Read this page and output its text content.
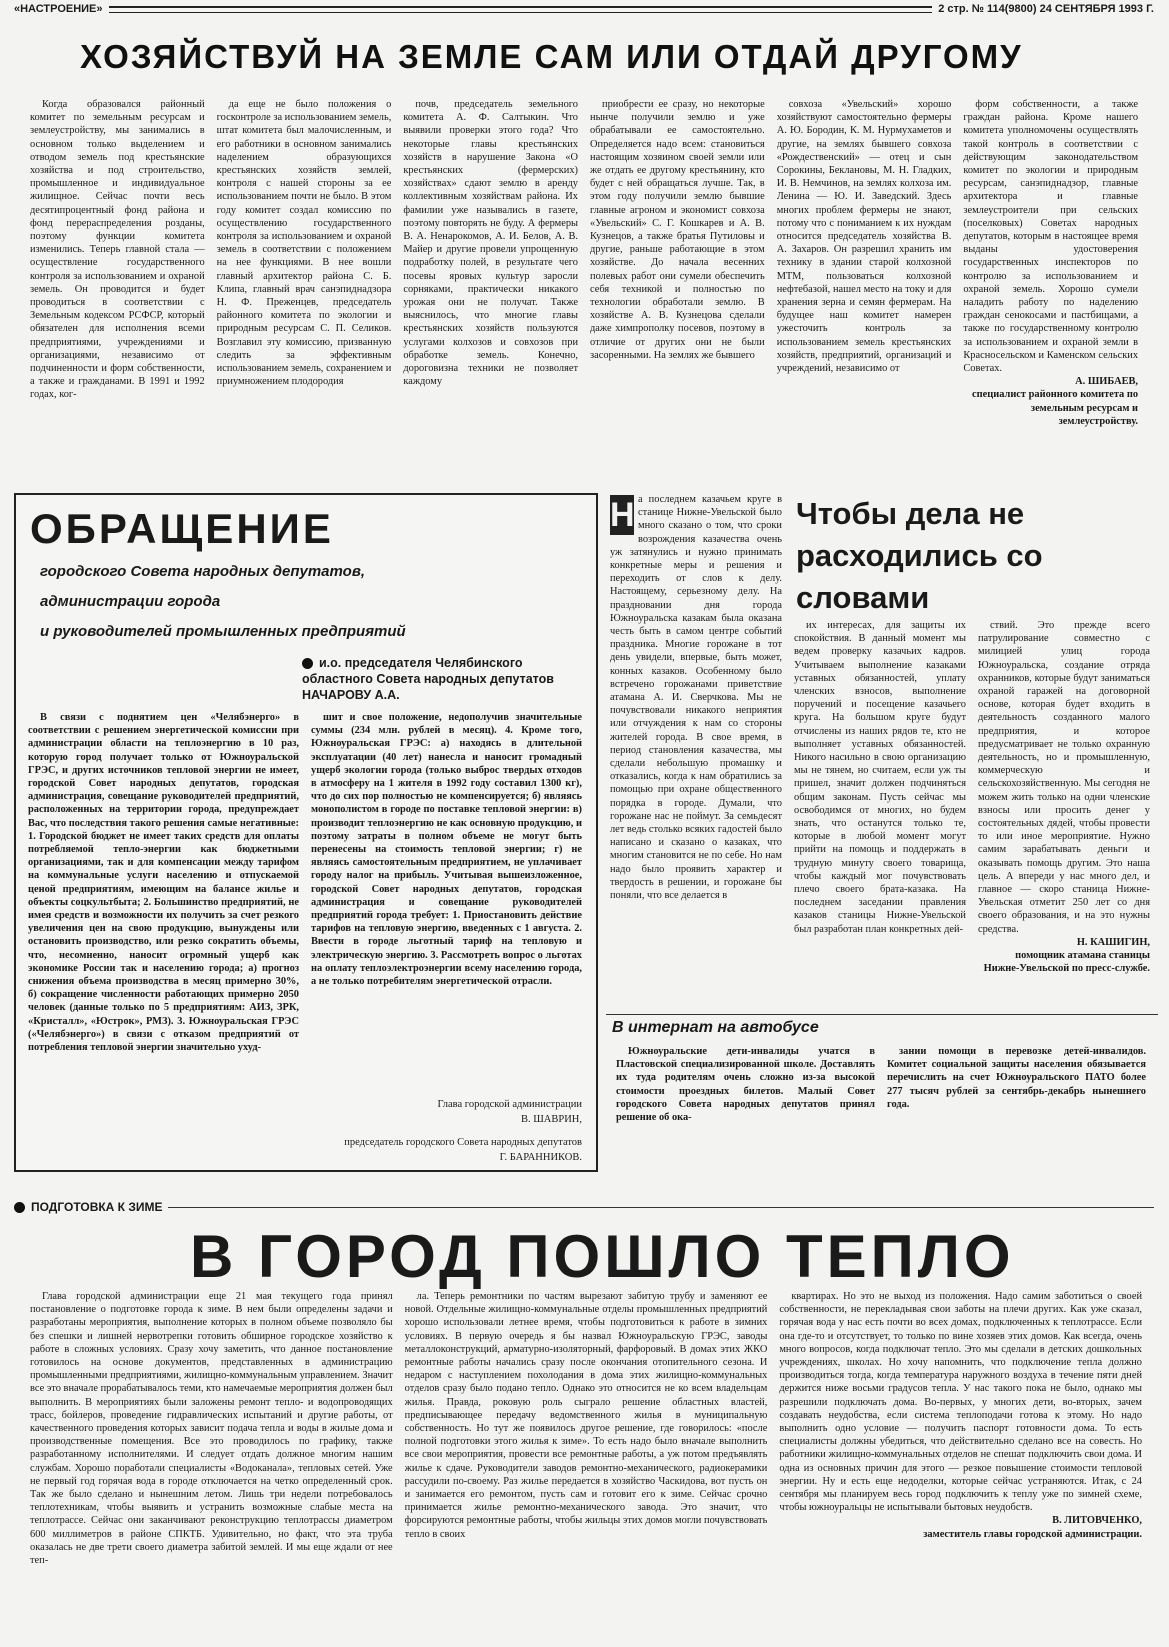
«НАСТРОЕНИЕ»	2 стр. № 114(9800) 24 СЕНТЯБРЯ 1993 Г.
ХОЗЯЙСТВУЙ НА ЗЕМЛЕ САМ ИЛИ ОТДАЙ ДРУГОМУ

Когда образовался районный комитет по земельным ресурсам и землеустройству, мы занимались в основном только выделением и отводом земель под крестьянские хозяйства и под строительство, промышленное и индивидуальное жилищное. Сейчас почти весь десятипроцентный фонд района и фонд перераспределения розданы, поэтому функции комитета изменились. Теперь главной стала — осуществление государственного контроля за использованием и охраной земель. Он проводится и будет проводиться в соответствии с Земельным кодексом РСФСР, который обязателен для исполнения всеми предприятиями, учреждениями и организациями, независимо от подчиненности и форм собственности, а также и гражданами. В 1991 и 1992 годах, ког-

да еще не было положения о госконтроле за использованием земель, штат комитета был малочисленным, и его работники в основном занимались наделением образующихся крестьянских хозяйств землей, контроля с нашей стороны за ее использованием почти не было. В этом году комитет создал комиссию по осуществлению государственного контроля за использованием и охраной земель в соответствии с положением на нее функциями. В нее вошли главный архитектор района С. Б. Клипа, главный врач санэпиднадзора Н. Ф. Преженцев, председатель районного комитета по экологии и природным ресурсам С. П. Селиков. Возглавил эту комиссию, призванную следить за эффективным использованием земель, сохранением и приумножением плодородия

почв, председатель земельного комитета А. Ф. Салтыкин. Что выявили проверки этого года? Что некоторые главы крестьянских хозяйств в нарушение Закона «О крестьянских (фермерских) хозяйствах» сдают землю в аренду коллективным хозяйствам района. Их фамилии уже назывались в газете, поэтому повторять не буду. А фермеры В. А. Ненарокомов, А. И. Белов, А. В. Майер и другие провели упрощенную подработку полей, в результате чего посевы яровых культур заросли сорняками, практически никакого урожая они не получат. Также выяснилось, что многие главы крестьянских хозяйств пользуются услугами колхозов и совхозов при обработке земель. Конечно, дороговизна техники не позволяет каждому

приобрести ее сразу, но некоторые нынче получили землю и уже обрабатывали ее самостоятельно. Определяется надо всем: становиться настоящим хозяином своей земли или же отдать ее другому крестьянину, кто будет с ней обращаться лучше. Так, в этом году получили землю бывшие главные агроном и экономист совхоза «Увельский» С. Г. Кошкарев и А. В. Кузнецов, а также братья Путиловы и другие, раньше работающие в этом хозяйстве. До начала весенних полевых работ они сумели обеспечить себя техникой и полностью по технологии обработали землю. В хозяйстве А. В. Кузнецова сделали даже химпрополку посевов, поэтому в отличие от других они не были засоренными. На землях же бывшего

совхоза «Увельский» хорошо хозяйствуют самостоятельно фермеры А. Ю. Бородин, К. М. Нурмухаметов и другие, на землях бывшего совхоза «Рождественский» — отец и сын Сорокины, Беклановы, М. Н. Гладких, И. В. Немчинов, на землях колхоза им. Ленина — Ю. И. Заведский. Здесь многих проблем фермеры не знают, потому что с пониманием к их нуждам относится председатель хозяйства В. А. Захаров. Он разрешил хранить им технику в здании старой колхозной МТМ, пользоваться колхозной нефтебазой, нашел место на току и для хранения зерна и семян фермерам. На будущее наш комитет намерен ужесточить контроль за использованием земель крестьянских хозяйств, предприятий, организаций и учреждений, независимо от

форм собственности, а также граждан района. Кроме нашего комитета уполномочены осуществлять такой контроль в соответствии с действующим законодательством комитет по экологии и природным ресурсам, санэпиднадзор, главные архитектора и главные землеустроители при сельских (поселковых) Советах народных депутатов, которым в настоящее время выданы удостоверения государственных инспекторов по контролю за использованием и охраной земель. Хорошо сумели наладить работу по наделению граждан сенокосами и пастбищами, а также по государственному контролю за использованием и охраной земли в Красносельском и Каменском сельских Советах.

А. ШИБАЕВ,

специалист районного комитета по земельным ресурсам и землеустройству.

ОБРАЩЕНИЕ
городского Совета народных депутатов,
администрации города
и руководителей промышленных предприятий
и.о. председателя Челябинского областного Совета народных депутатов НАЧАРОВУ А.А.

В связи с поднятием цен «Челябэнерго» в соответствии с решением энергетической комиссии при администрации области на теплоэнергию в 10 раз, которую город получает только от Южноуральской ГРЭС, и других источников тепловой энергии не имеет, городской Совет народных депутатов, городская администрация, совещание руководителей предприятий, расположенных на территории города, предупреждает Вас, что последствия такого решения самые негативные: 1. Городской бюджет не имеет таких средств для оплаты потребляемой тепло-энергии как бюджетными организациями, так и для компенсации между тарифом на коммунальные услуги населению и отпускаемой ценой предприятиям, имеющим на балансе жилье и объекты соцкультбыта; 2. Большинство предприятий, не имея средств и возможности их получить за счет резкого увеличения цен на свою продукцию, вынуждены или остановить производство, или резко сократить объемы, что, несомненно, наносит огромный ущерб как экономике России так и населению города; а) прогноз снижения объема производства в месяц примерно 30%, б) сокращение численности работающих примерно 2050 человек (данные только по 5 предприятиям: АИЗ, ЗРК, «Кристалл», «Юстрок», РМЗ). 3. Южноуральская ГРЭС («Челябэнерго») в связи с отказом предприятий от потребления тепловой энергии значительно ухуд-

шит и свое положение, недополучив значительные суммы (234 млн. рублей в месяц). 4. Кроме того, Южноуральская ГРЭС: а) находясь в длительной эксплуатации (40 лет) нанесла и наносит громадный ущерб экологии города (только выброс твердых отходов в атмосферу на 1 жителя в 1992 году составил 1300 кг), что до сих пор полностью не компенсируется; б) являясь монополистом в городе по поставке тепловой энергии: в) производит теплоэнергию не как основную продукцию, и поэтому затраты в полном объеме не могут быть перенесены на стоимость тепловой энергии; г) не являясь самостоятельным предприятием, не уплачивает городу налог на прибыль. Учитывая вышеизложенное, городской Совет народных депутатов, городская администрация и совещание руководителей предприятий города требует: 1. Приостановить действие тарифов на тепловую энергию, введенных с 1 августа. 2. Ввести в городе льготный тариф на тепловую и электрическую энергию. 3. Рассмотреть вопрос о льготах на оплату теплоэлектроэнергии всему населению города, а не только потребителям энергетической отрасли.

Глава городской администрации
В. ШАВРИН,
председатель городского Совета народных депутатов
Г. БАРАННИКОВ.
Чтобы дела не расходились со словами
Н а последнем казачьем круге в станице Нижне-Увельской было много сказано о том, что сроки возрождения казачества очень уж затянулись и нужно принимать конкретные меры и решения и переходить от слов к делу. Настоящему, серьезному делу. На праздновании дня города Южноуральска казакам была оказана честь быть в самом центре событий праздника. Многие горожане в тот день увидели, впервые, быть может, конных казаков. Особенному было встречено горожанами приветствие атамана А. И. Сверчкова. Мы не почувствовали никакого неприятия или отчуждения к нам со стороны жителей города. В свое время, в период становления казачества, мы сделали небольшую промашку и отказались, когда к нам обратились за помощью при охране общественного порядка в городе. Думали, что горожане нас не поймут. За семьдесят лет ведь столько всяких гадостей было написано и сказано о казаках, что многим становится не по себе. Но нам надо было проявить характер и твердость в решении, и горожане бы поняли, что все делается в

их интересах, для защиты их спокойствия. В данный момент мы ведем проверку казачьих кадров. Учитываем выполнение казаками уставных обязанностей, уплату членских взносов, выполнение поручений и посещение казачьего круга. На большом круге будут отчислены из наших рядов те, кто не выполняет уставных обязанностей. Никого насильно в свою организацию мы не тянем, но считаем, если уж ты пришел, значит должен подчиняться общим законам. Пусть сейчас мы освободимся от многих, но будем знать, что останутся только те, которые в любой момент могут прийти на помощь и поддержать в трудную минуту своего товарища, чтобы каждый мог почувствовать плечо своего брата-казака. На последнем заседании правления казаков станицы Нижне-Увельской был разработан план конкретных дей-

ствий. Это прежде всего патрулирование совместно с милицией улиц города Южноуральска, создание отряда охранников, которые будут заниматься охраной гаражей на договорной основе, которая будет входить в деятельность созданного малого предприятия, и которое предусматривает не только охранную деятельность, но и промышленную, коммерческую и сельскохозяйственную. Мы сегодня не можем жить только на одни членские взносы или просить денег у состоятельных дядей, чтобы провести то или иное мероприятие. Нужно самим зарабатывать деньги и оказывать помощь другим. Это наша цель. А впереди у нас много дел, и главное — скоро станица Нижне-Увельская отметит 250 лет со дня своего образования, и на это нужны средства.

Н. КАШИГИН,

помощник атамана станицы Нижне-Увельской по пресс-службе.

В интернат на автобусе

Южноуральские дети-инвалиды учатся в Пластовской специализированной школе. Доставлять их туда родителям очень сложно из-за высокой стоимости проездных билетов. Малый Совет городского Совета народных депутатов принял решение об ока-

зании помощи в перевозке детей-инвалидов. Комитет социальной защиты населения обязывается перечислить на счет Южноуральского ПАТО более 277 тысяч рублей за сентябрь-декабрь нынешнего года.

ПОДГОТОВКА К ЗИМЕ
В ГОРОД ПОШЛО ТЕПЛО

Глава городской администрации еще 21 мая текущего года принял постановление о подготовке города к зиме. В нем были определены задачи и разработаны мероприятия, выполнение которых в полном объеме позволяло бы без спешки и лишней нервотрепки готовить обширное городское хозяйство к работе в сложных условиях. Сразу хочу заметить, что данное постановление готовилось на основе документов, представленных в администрацию промышленными предприятиями, жилищно-коммунальным управлением. Значит все это вначале прорабатывалось теми, кто намечаемые мероприятия должен был выполнить. В мероприятиях были заложены ремонт тепло- и водопроводящих трасс, бойлеров, проведение гидравлических испытаний и другие работы, от качественного проведения которых зависит подача тепла и воды в жилые дома и производственные помещения. Все это проводилось по графику, также разработанному исполнителями. И следует отдать должное многим нашим службам. Хорошо поработали специалисты «Водоканала», тепловых сетей. Уже не первый год горячая вода в городе отключается на четко определенный срок. Так же было сделано и нынешним летом. Лишь три недели потребовалось теплотехникам, чтобы выявить и устранить возможные слабые места на теплотрассе. Сейчас они заканчивают реконструкцию теплотрассы диаметром 600 миллиметров в районе СПКТБ. Удивительно, но факт, что эта труба оказалась не две трети своего диаметра забитой землей. И мы еще ждали от нее теп-

ла. Теперь ремонтники по частям вырезают забитую трубу и заменяют ее новой. Отдельные жилищно-коммунальные отделы промышленных предприятий хорошо использовали летнее время, чтобы подготовиться к работе в зимних условиях. В первую очередь я бы назвал Южноуральскую ГРЭС, заводы металлоконструкций, арматурно-изоляторный, фарфоровый. В домах этих ЖКО ремонтные работы начались сразу после окончания отопительного сезона. И недаром с наступлением похолодания в дома этих жилищно-коммунальных отделов сразу было подано тепло. Однако это относится не ко всем владельцам жилья. Правда, роковую роль сыграло решение областных властей, предписывающее передачу ведомственного жилья в муниципальную собственность. Но тут же появилось другое решение, где говорилось: «после полной подготовки этого жилья к зиме». То есть надо было вначале выполнить все свои мероприятия, провести все ремонтные работы, а уж потом предъявлять жилье к сдаче. Руководители заводов ремонтно-механического, радиокерамики рассудили по-своему. Раз жилье передается в хозяйство Часкидова, вот пусть он и занимается его ремонтом, пусть сам и готовит его к зиме. Сейчас срочно принимается жилье ремонтно-механического завода. Это значит, что форсируются ремонтные работы, чтобы жильцы этих домов могли почувствовать тепло в своих

квартирах. Но это не выход из положения. Надо самим заботиться о своей собственности, не перекладывая свои заботы на плечи других. Как уже сказал, горячая вода у нас есть почти во всех домах, подключенных к теплотрассе. Если она где-то и отсутствует, то только по вине хозяев этих домов. Как всегда, очень много вопросов, когда подключат тепло. Это мы сделали в детских дошкольных учреждениях, школах. Но хочу напомнить, что подключение тепла должно производиться тогда, когда температура наружного воздуха в течение пяти дней держится ниже восьми градусов тепла. У нас такого пока не было, однако мы разрешили подключать дома. Во-первых, у многих дети, во-вторых, зачем создавать неудобства, если система теплоподачи готова к этому. Но надо выполнить одно условие — получить паспорт готовности дома. То есть специалисты должны убедиться, что действительно сделано все на совесть. Но работники жилищно-коммунальных отделов не спешат подключить свои дома. И одна из основных причин для этого — резкое повышение стоимости тепловой энергии. Ну и есть еще недоделки, которые сейчас устраняются. Итак, с 24 сентября мы планируем весь город подключить к теплу уже по зимней схеме, чтобы южноуральцы не испытывали бытовых неудобств.

В. ЛИТОВЧЕНКО,

заместитель главы городской администрации.
